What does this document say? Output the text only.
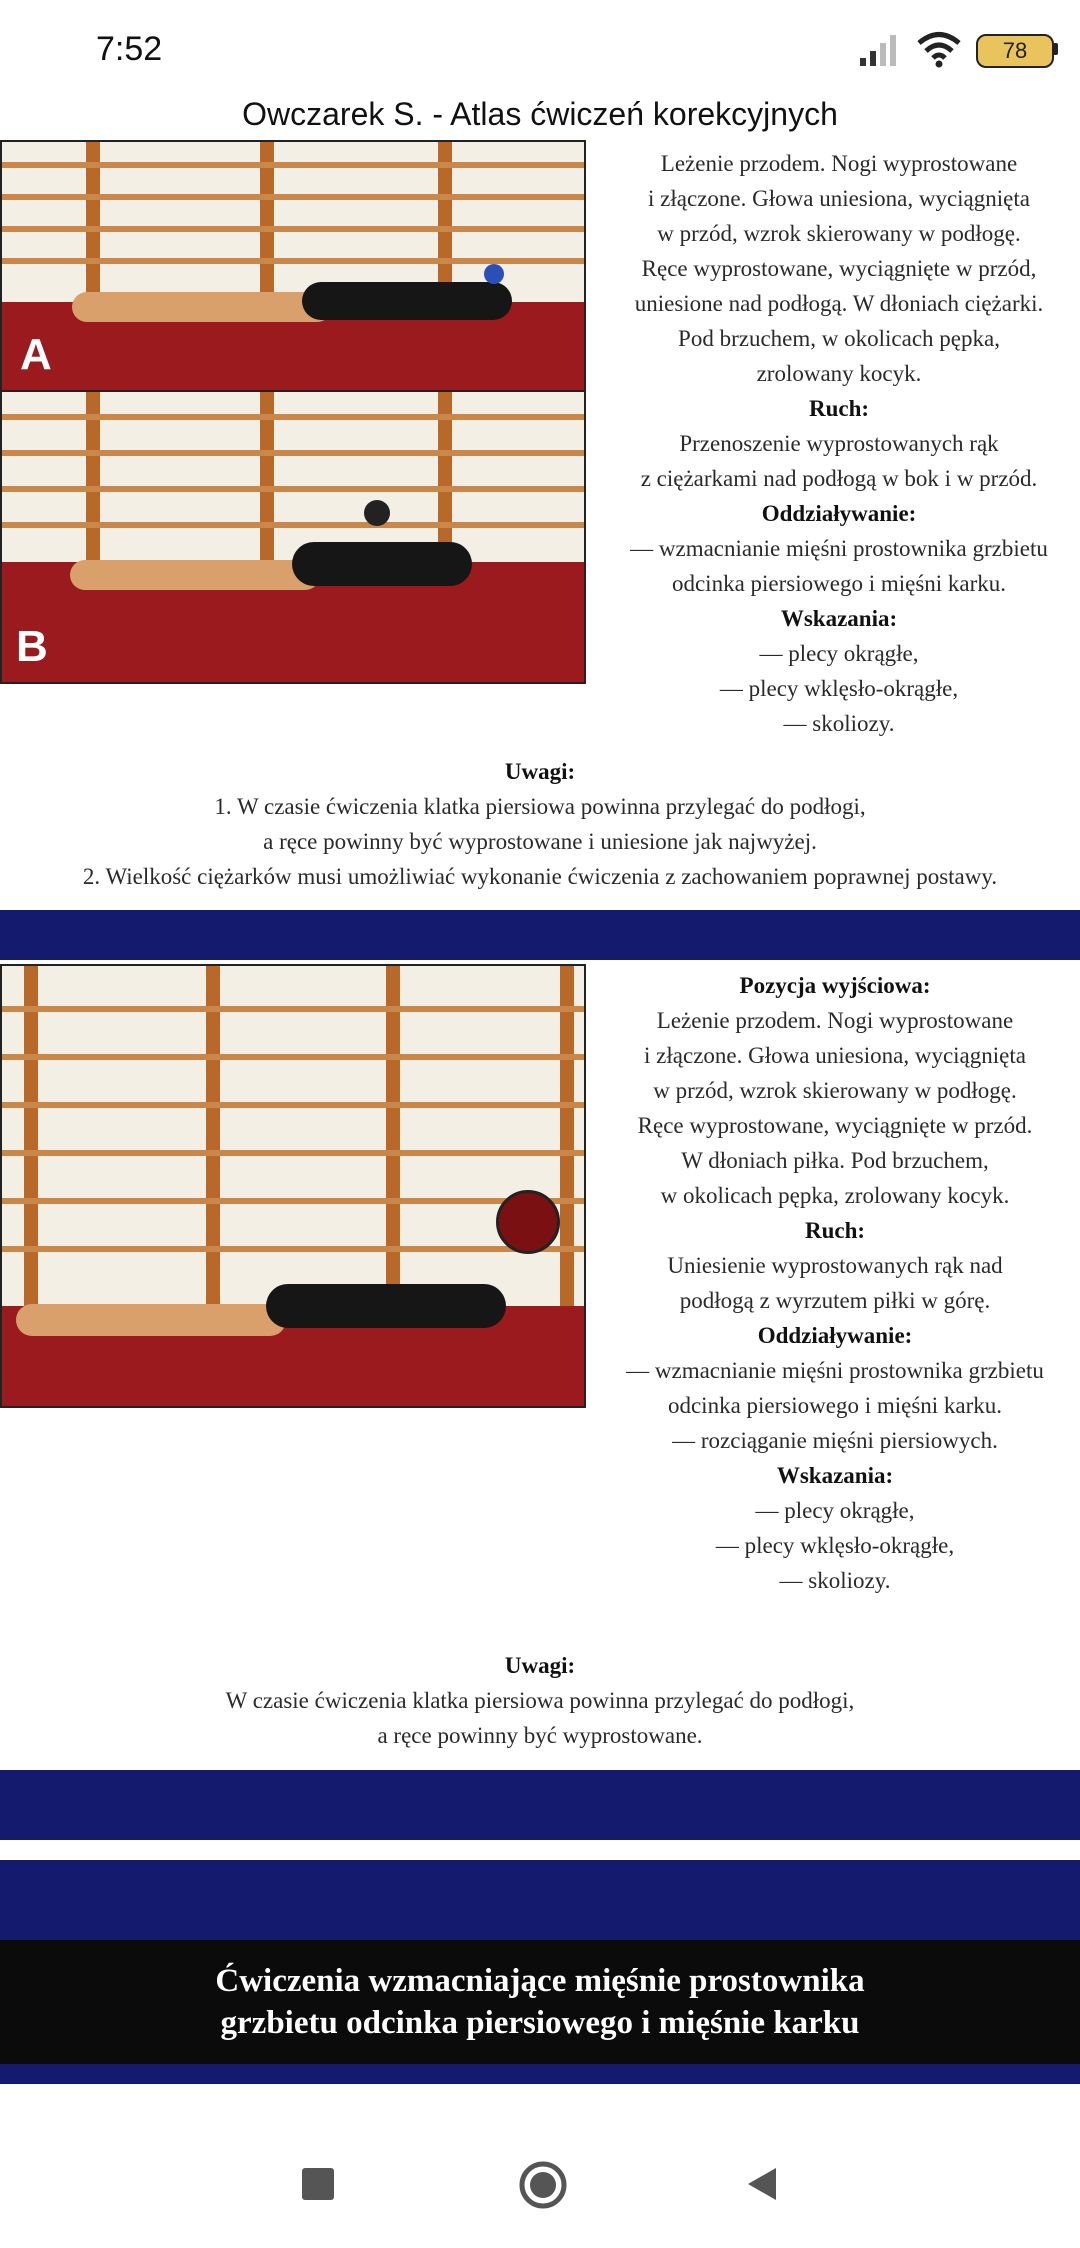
7:52	78
Owczarek S. - Atlas ćwiczeń korekcyjnych
A
B
Leżenie przodem. Nogi wyprostowane
i złączone. Głowa uniesiona, wyciągnięta
w przód, wzrok skierowany w podłogę.
Ręce wyprostowane, wyciągnięte w przód,
uniesione nad podłogą. W dłoniach ciężarki.
Pod brzuchem, w okolicach pępka,
zrolowany kocyk.
Ruch:
Przenoszenie wyprostowanych rąk
z ciężarkami nad podłogą w bok i w przód.
Oddziaływanie:
— wzmacnianie mięśni prostownika grzbietu
odcinka piersiowego i mięśni karku.
Wskazania:
— plecy okrągłe,
— plecy wklęsło-okrągłe,
— skoliozy.
Uwagi:
1. W czasie ćwiczenia klatka piersiowa powinna przylegać do podłogi,
a ręce powinny być wyprostowane i uniesione jak najwyżej.
2. Wielkość ciężarków musi umożliwiać wykonanie ćwiczenia z zachowaniem poprawnej postawy.
Pozycja wyjściowa:
Leżenie przodem. Nogi wyprostowane
i złączone. Głowa uniesiona, wyciągnięta
w przód, wzrok skierowany w podłogę.
Ręce wyprostowane, wyciągnięte w przód.
W dłoniach piłka. Pod brzuchem,
w okolicach pępka, zrolowany kocyk.
Ruch:
Uniesienie wyprostowanych rąk nad
podłogą z wyrzutem piłki w górę.
Oddziaływanie:
— wzmacnianie mięśni prostownika grzbietu
odcinka piersiowego i mięśni karku.
— rozciąganie mięśni piersiowych.
Wskazania:
— plecy okrągłe,
— plecy wklęsło-okrągłe,
— skoliozy.
Uwagi:
W czasie ćwiczenia klatka piersiowa powinna przylegać do podłogi,
a ręce powinny być wyprostowane.
Ćwiczenia wzmacniające mięśnie prostownika
grzbietu odcinka piersiowego i mięśnie karku
